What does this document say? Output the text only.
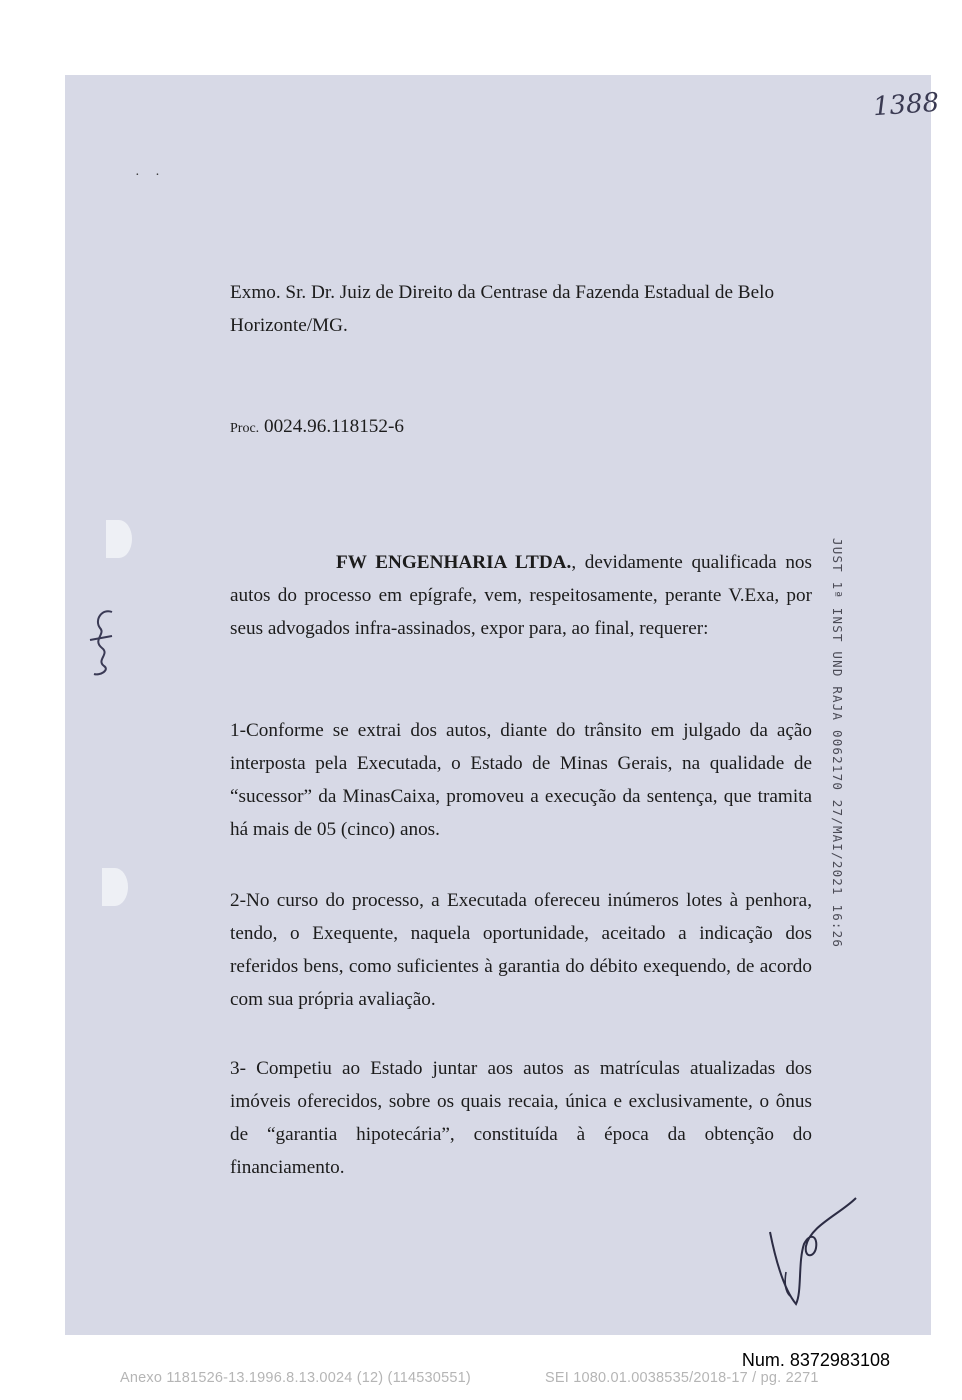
1388
· ·
Exmo. Sr. Dr. Juiz de Direito da Centrase da Fazenda Estadual de Belo Horizonte/MG.
Proc. 0024.96.118152-6
FW ENGENHARIA LTDA., devidamente qualificada nos autos do processo em epígrafe, vem, respeitosamente, perante V.Exa, por seus advogados infra-assinados, expor para, ao final, requerer:

1-Conforme se extrai dos autos, diante do trânsito em julgado da ação interposta pela Executada, o Estado de Minas Gerais, na qualidade de “sucessor” da MinasCaixa, promoveu a execução da sentença, que tramita há mais de 05 (cinco) anos.

2-No curso do processo, a Executada ofereceu inúmeros lotes à penhora, tendo, o Exequente, naquela oportunidade, aceitado a indicação dos referidos bens, como suficientes à garantia do débito exequendo, de acordo com sua própria avaliação.

3- Competiu ao Estado juntar aos autos as matrículas atualizadas dos imóveis oferecidos, sobre os quais recaia, única e exclusivamente, o ônus de “garantia hipotecária”, constituída à época da obtenção do financiamento.

JUST 1ª INST UND RAJA 0062170 27/MAI/2021 16:26
Num. 8372983108
Anexo 1181526-13.1996.8.13.0024 (12) (114530551)	SEI 1080.01.0038535/2018-17 / pg. 2271
